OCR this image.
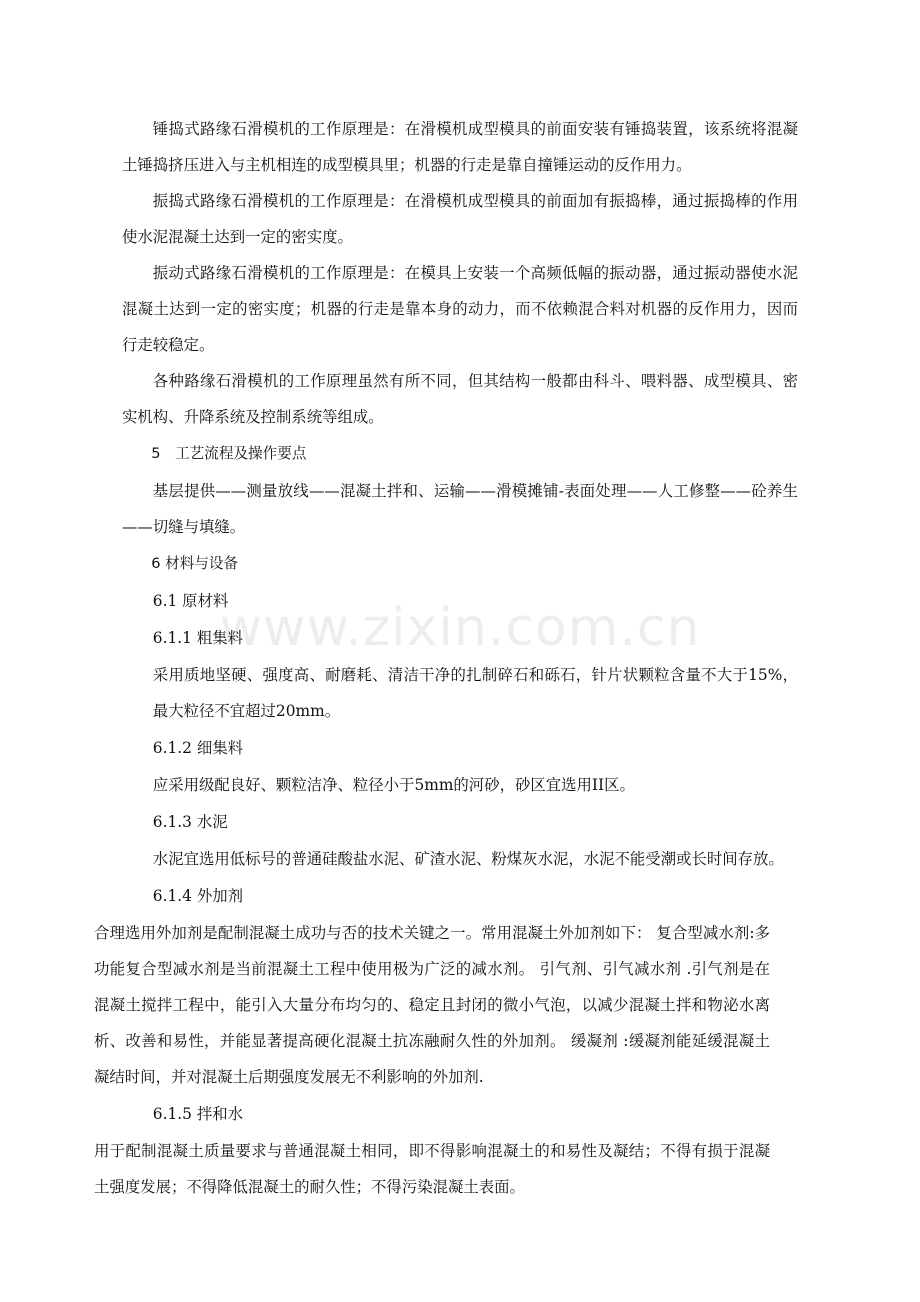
www.zixin.com.cn

锤捣式路缘石滑模机的工作原理是：在滑模机成型模具的前面安装有锤捣装置，该系统将混凝土锤捣挤压进入与主机相连的成型模具里；机器的行走是靠自撞锤运动的反作用力。

振捣式路缘石滑模机的工作原理是：在滑模机成型模具的前面加有振捣棒，通过振捣棒的作用使水泥混凝土达到一定的密实度。

振动式路缘石滑模机的工作原理是：在模具上安装一个高频低幅的振动器，通过振动器使水泥混凝土达到一定的密实度；机器的行走是靠本身的动力，而不依赖混合料对机器的反作用力，因而行走较稳定。

各种路缘石滑模机的工作原理虽然有所不同，但其结构一般都由科斗、喂料器、成型模具、密实机构、升降系统及控制系统等组成。

5　工艺流程及操作要点

基层提供——测量放线——混凝土拌和、运输——滑模摊铺-表面处理——人工修整——砼养生——切缝与填缝。

6 材料与设备

6.1 原材料

6.1.1 粗集料

采用质地坚硬、强度高、耐磨耗、清洁干净的扎制碎石和砾石，针片状颗粒含量不大于15%，最大粒径不宜超过20mm。

6.1.2 细集料

应采用级配良好、颗粒洁净、粒径小于5mm的河砂，砂区宜选用II区。

6.1.3 水泥

水泥宜选用低标号的普通硅酸盐水泥、矿渣水泥、粉煤灰水泥，水泥不能受潮或长时间存放。

6.1.4 外加剂

合理选用外加剂是配制混凝土成功与否的技术关键之一。常用混凝土外加剂如下： 复合型减水剂:多功能复合型减水剂是当前混凝土工程中使用极为广泛的减水剂。 引气剂、引气减水剂 .引气剂是在混凝土搅拌工程中，能引入大量分布均匀的、稳定且封闭的微小气泡，以减少混凝土拌和物泌水离析、改善和易性，并能显著提高硬化混凝土抗冻融耐久性的外加剂。 缓凝剂 :缓凝剂能延缓混凝土凝结时间，并对混凝土后期强度发展无不利影响的外加剂.

6.1.5 拌和水

用于配制混凝土质量要求与普通混凝土相同，即不得影响混凝土的和易性及凝结；不得有损于混凝土强度发展；不得降低混凝土的耐久性；不得污染混凝土表面。
